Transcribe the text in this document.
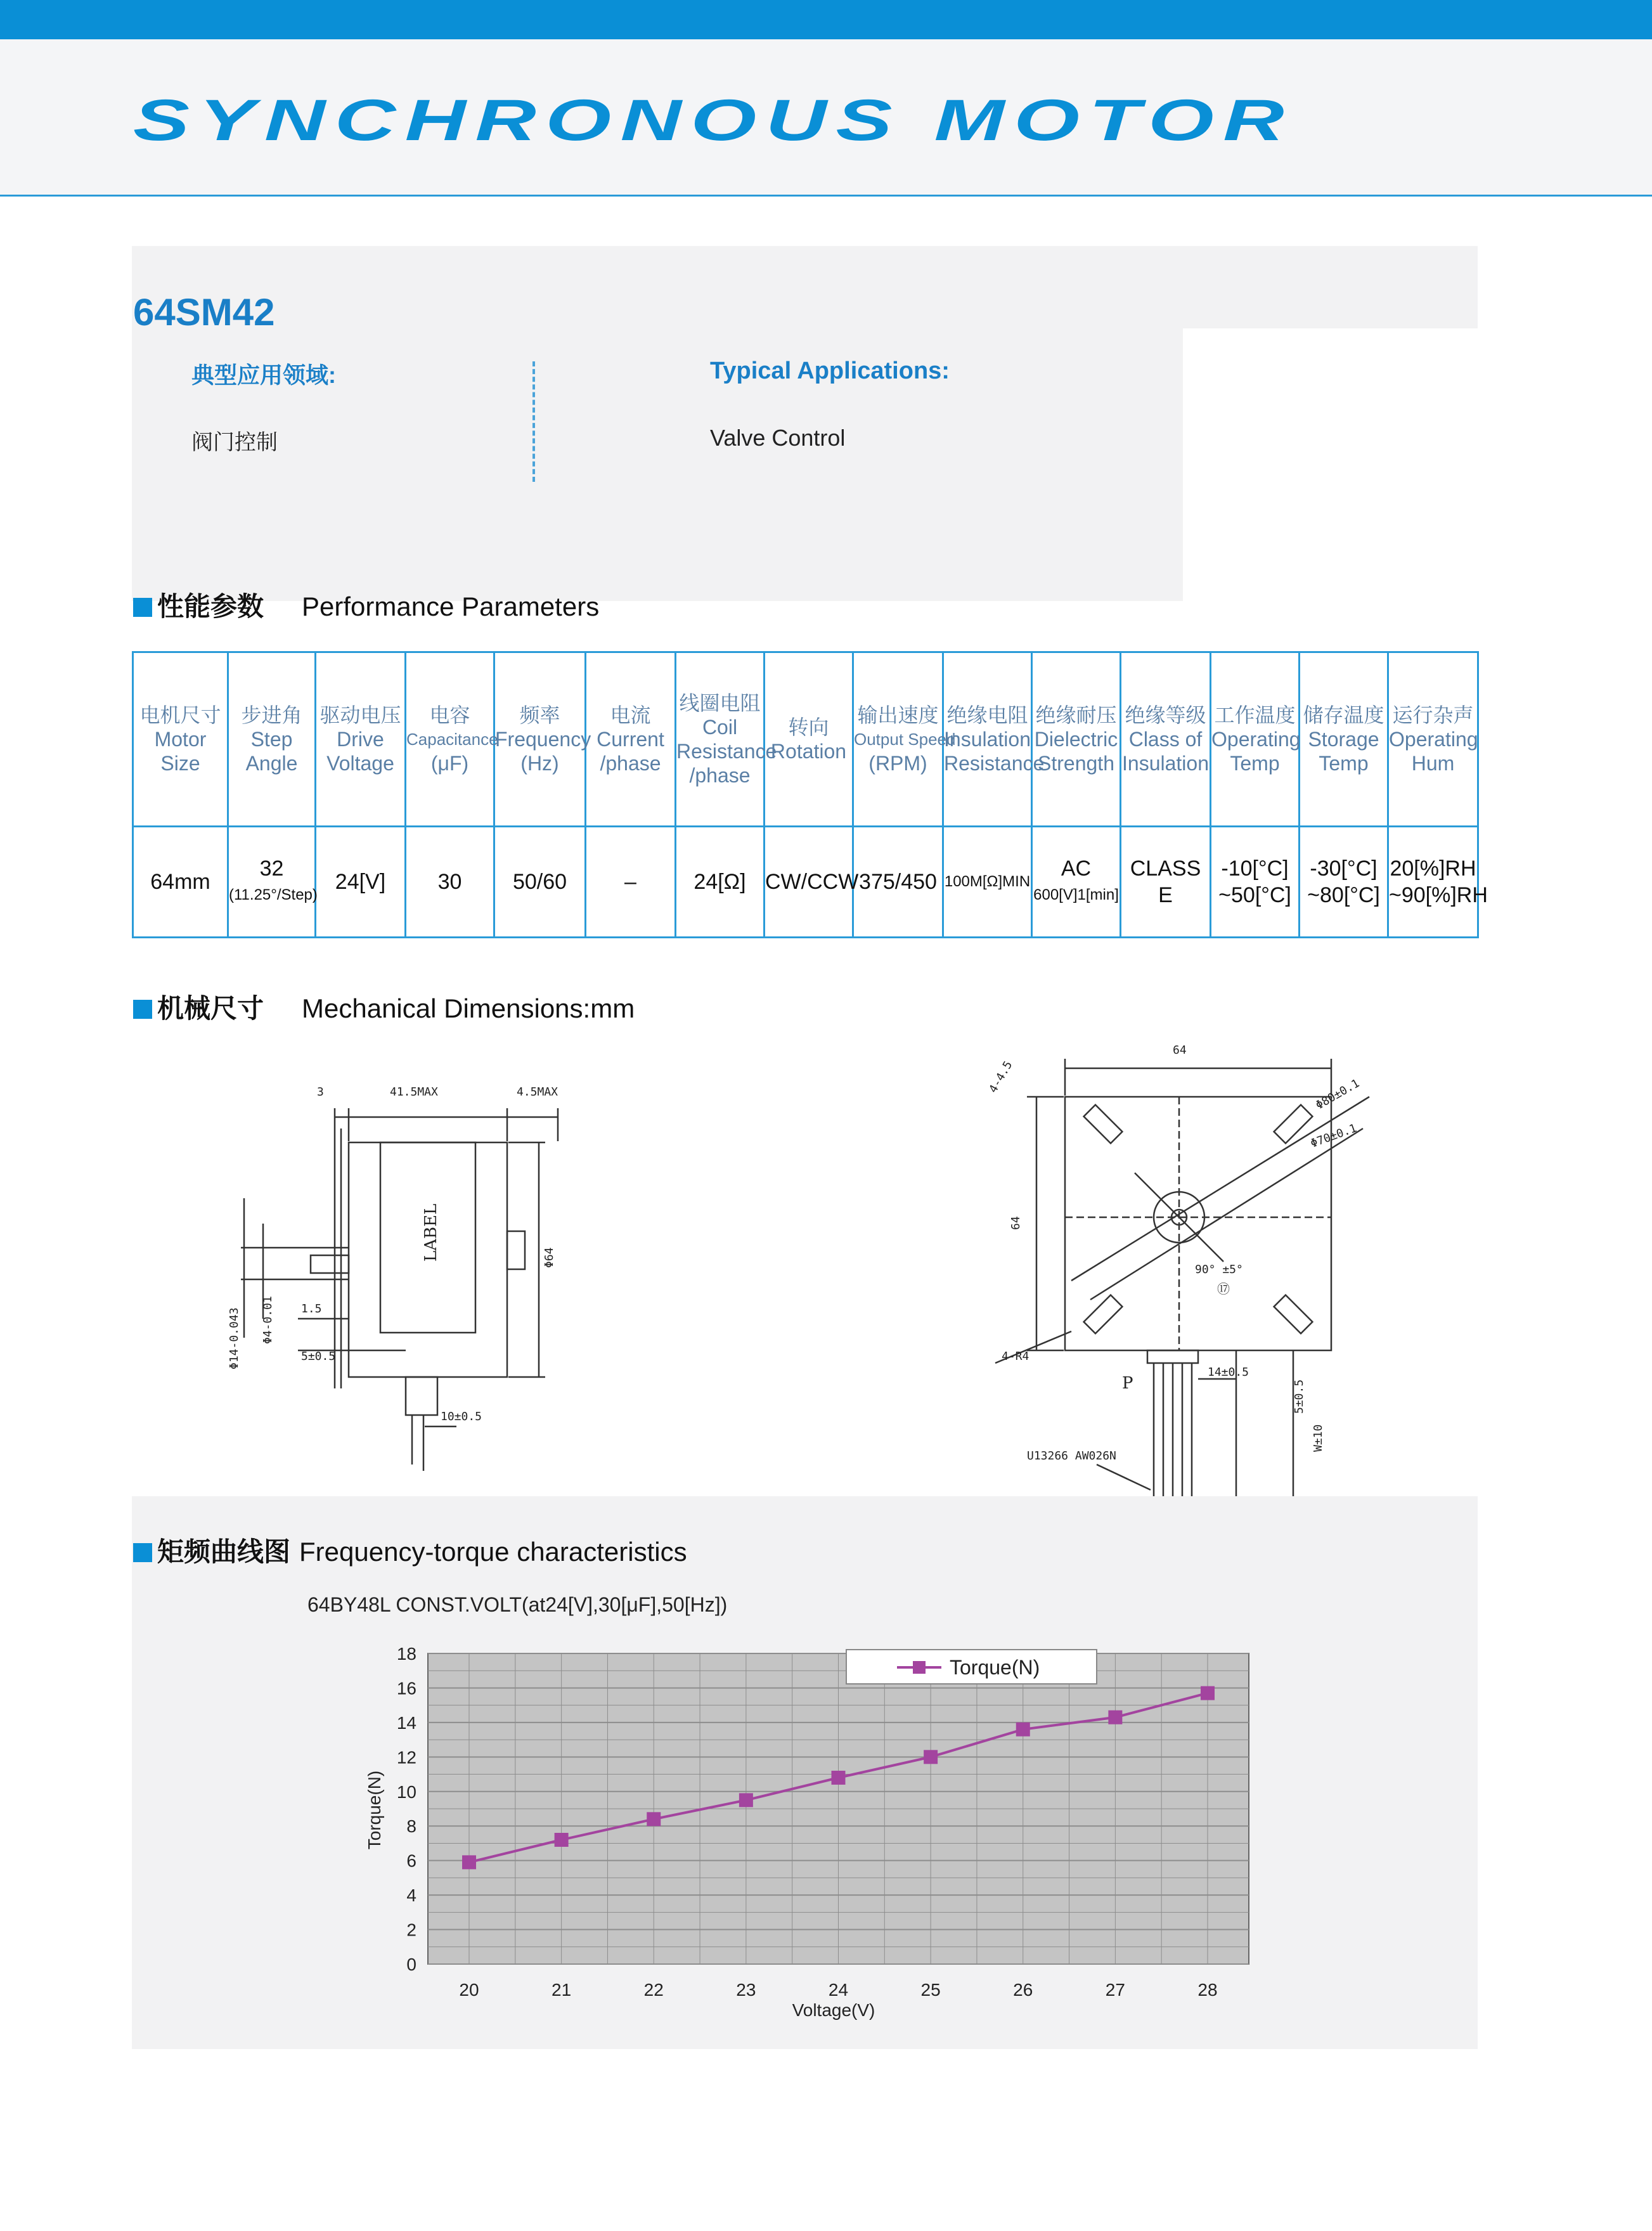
SYNCHRONOUS MOTOR
64SM42
典型应用领域:
阀门控制
Typical Applications:
Valve Control
性能参数 Performance Parameters
电机尺寸
Motor
Size	步进角
Step
Angle	驱动电压
Drive
Voltage	电容
Capacitance
(μF)	频率
Frequency
(Hz)	电流
Current
/phase	线圈电阻
Coil
Resistance
/phase	转向
Rotation	输出速度
Output Speed
(RPM)	绝缘电阻
Insulation
Resistance	绝缘耐压
Dielectric
Strength	绝缘等级
Class of
Insulation	工作温度
Operating
Temp	储存温度
Storage
Temp	运行杂声
Operating
Hum

64mm	32
(11.25°/Step)	24[V]	30	50/60	–	24[Ω]	CW/CCW	375/450	100M[Ω]MIN	AC
600[V]1[min]	CLASS E	-10[°C]
~50[°C]	-30[°C]
~80[°C]	20[%]RH
~90[%]RH
机械尺寸 Mechanical Dimensions:mm
3	41.5MAX	4.5MAX
1.5
5±0.5
10±0.5
Φ64
Φ14-0.043 Φ4-0.01
LABEL
64
64
4-4.5	Φ80±0.1
Φ70±0.1
90° ±5°
⑰
4-R4
14±0.5
5±0.5
W±10
P
U13266 AW026N
矩频曲线图 Frequency-torque characteristics
64BY48L CONST.VOLT(at24[V],30[μF],50[Hz])
0
2
4
6
8
10
12
14
16
18
20	21	22	23	24	25	26	27	28
Torque(N)
Voltage(V)
Torque(N)
